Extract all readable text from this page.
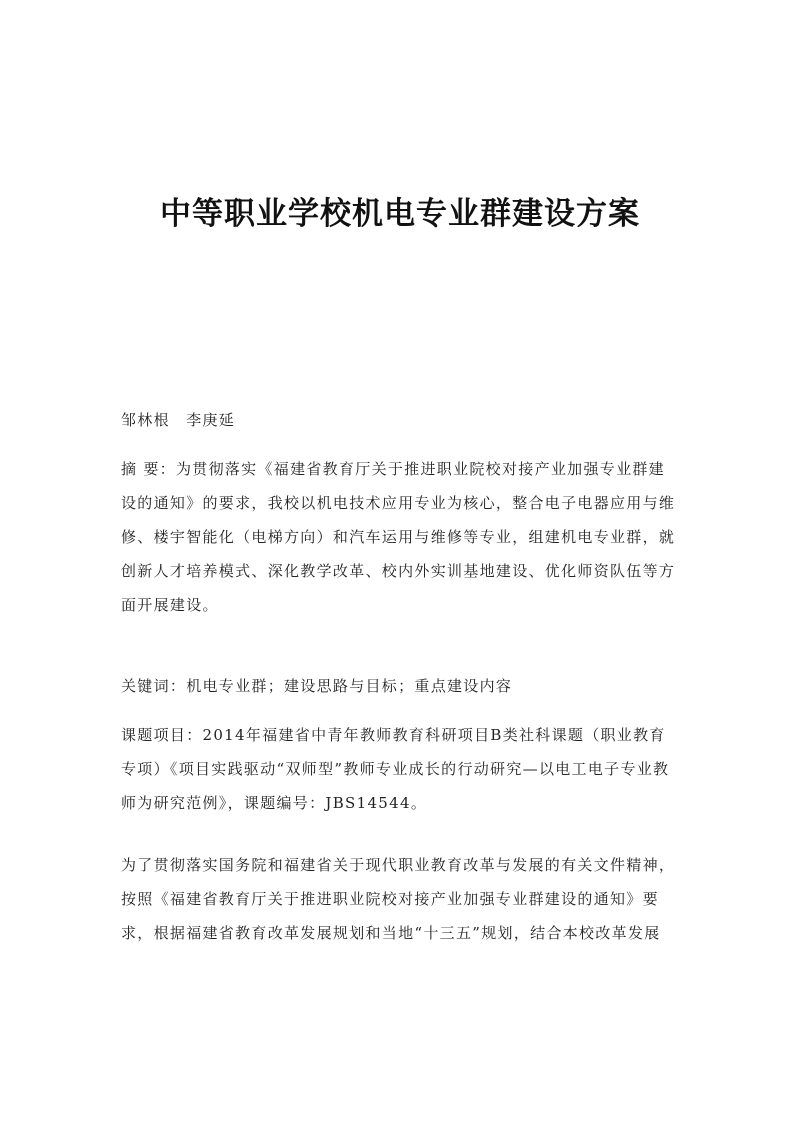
中等职业学校机电专业群建设方案

邹林根　李庚延

摘 要：为贯彻落实《福建省教育厅关于推进职业院校对接产业加强专业群建设的通知》的要求，我校以机电技术应用专业为核心，整合电子电器应用与维修、楼宇智能化（电梯方向）和汽车运用与维修等专业，组建机电专业群，就创新人才培养模式、深化教学改革、校内外实训基地建设、优化师资队伍等方面开展建设。

关键词：机电专业群；建设思路与目标；重点建设内容

课题项目：2014年福建省中青年教师教育科研项目B类社科课题（职业教育专项）《项目实践驱动“双师型”教师专业成长的行动研究—以电工电子专业教师为研究范例》，课题编号：JBS14544。

为了贯彻落实国务院和福建省关于现代职业教育改革与发展的有关文件精神，按照《福建省教育厅关于推进职业院校对接产业加强专业群建设的通知》要求，根据福建省教育改革发展规划和当地“十三五”规划，结合本校改革发展
